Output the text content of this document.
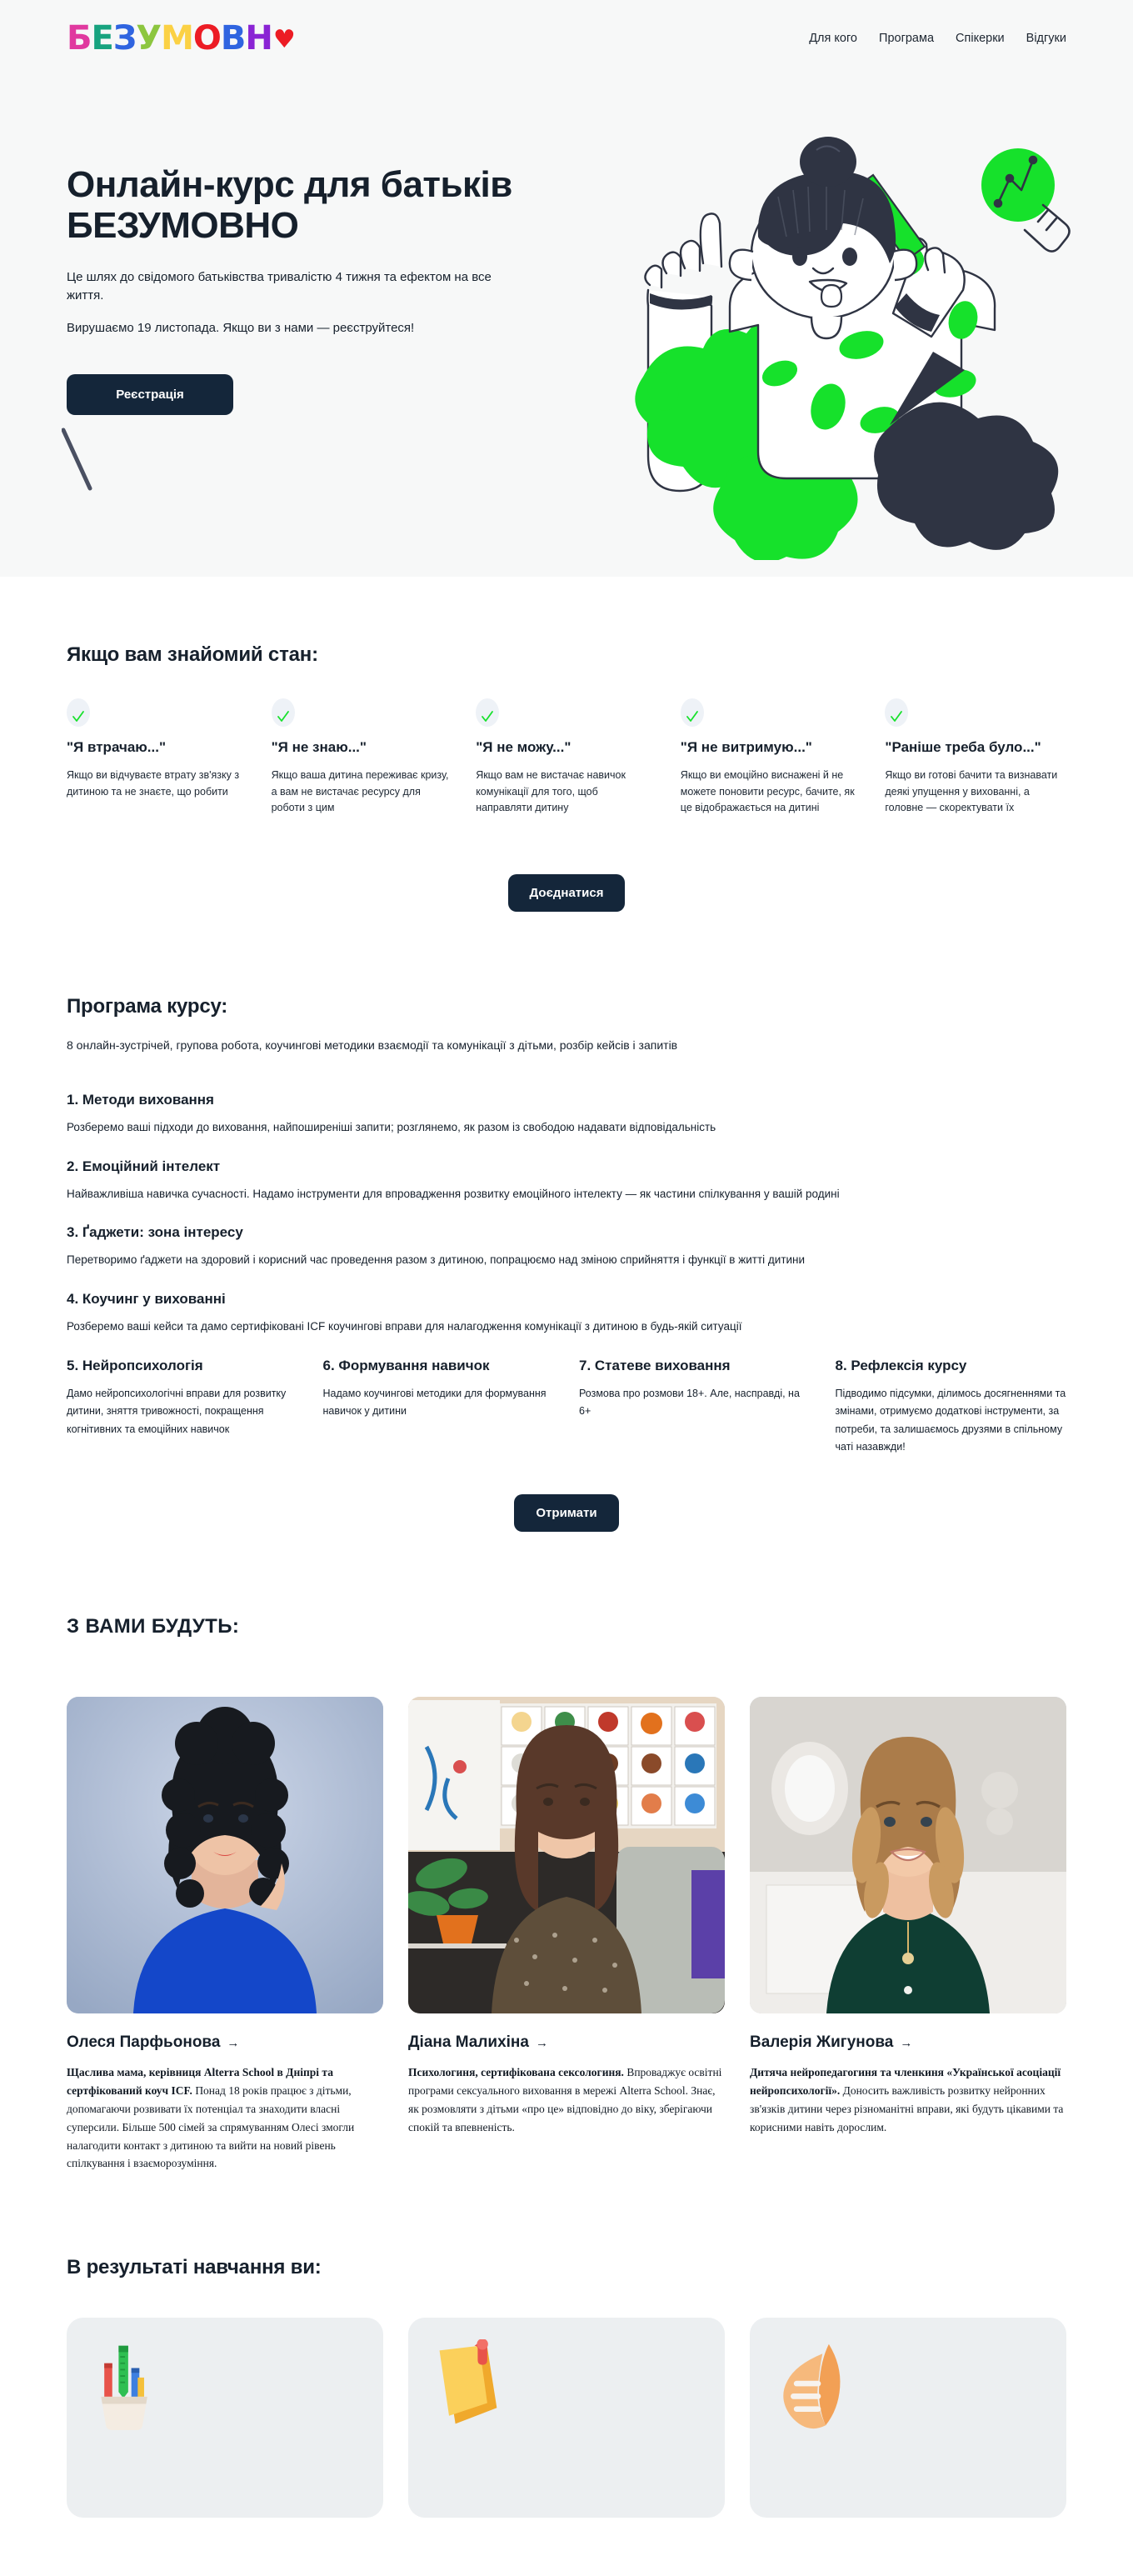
Б Е З У М О В Н ♥	Для кого Програма Спікерки Відгуки
Онлайн-курс для батьків
БЕЗУМОВНО

Це шлях до свідомого батьківства тривалістю 4 тижня та ефектом на все життя.

Вирушаємо 19 листопада. Якщо ви з нами — реєструйтеся!

Реєстрація
Якщо вам знайомий стан:
"Я втрачаю..."

Якщо ви відчуваєте втрату зв'язку з дитиною та не знаєте, що робити

"Я не знаю..."

Якщо ваша дитина переживає кризу, а вам не вистачає ресурсу для роботи з цим

"Я не можу..."

Якщо вам не вистачає навичок комунікації для того, щоб направляти дитину

"Я не витримую..."

Якщо ви емоційно виснажені й не можете поновити ресурс, бачите, як це відображається на дитині

"Раніше треба було..."

Якщо ви готові бачити та визнавати деякі упущення у вихованні, а головне — скоректувати їх

Доєднатися
Програма курсу:

8 онлайн-зустрічей, групова робота, коучингові методики взаємодії та комунікації з дітьми, розбір кейсів і запитів

1. Методи виховання

Розберемо ваші підходи до виховання, найпоширеніші запити; розглянемо, як разом із свободою надавати відповідальність

2. Емоційний інтелект

Найважливіша навичка сучасності. Надамо інструменти для впровадження розвитку емоційного інтелекту — як частини спілкування у вашій родині

3. Ґаджети: зона інтересу

Перетворимо ґаджети на здоровий і корисний час проведення разом з дитиною, попрацюємо над зміною сприйняття і функції в житті дитини

4. Коучинг у вихованні

Розберемо ваші кейси та дамо сертифіковані ICF коучингові вправи для налагодження комунікації з дитиною в будь-якій ситуації

5. Нейропсихологія

Дамо нейропсихологічні вправи для розвитку дитини, зняття тривожності, покращення когнітивних та емоційних навичок

6. Формування навичок

Надамо коучингові методики для формування навичок у дитини

7. Статеве виховання

Розмова про розмови 18+. Але, насправді, на 6+

8. Рефлексія курсу

Підводимо підсумки, ділимось досягненнями та змінами, отримуємо додаткові інструменти, за потреби, та залишаємось друзями в спільному чаті назавжди!

Отримати
З ВАМИ БУДУТЬ:
Олеся Парфьонова →

Щаслива мама, керівниця Alterra School в Дніпрі та сертфікований коуч ICF. Понад 18 років працює з дітьми, допомагаючи розвивати їх потенціал та знаходити власні суперсили. Більше 500 сімей за спрямуванням Олесі змогли налагодити контакт з дитиною та вийти на новий рівень спілкування і взаєморозуміння.

Діана Малихіна →

Психологиня, сертифікована сексологиня. Впроваджує освітні програми сексуального виховання в мережі Alterra School. Знає, як розмовляти з дітьми «про це» відповідно до віку, зберігаючи спокій та впевненість.

Валерія Жигунова →

Дитяча нейропедагогиня та членкиня «Української асоціації нейропсихології». Доносить важливість розвитку нейронних зв'язків дитини через різноманітні вправи, які будуть цікавими та корисними навіть дорослим.

В результаті навчання ви:
